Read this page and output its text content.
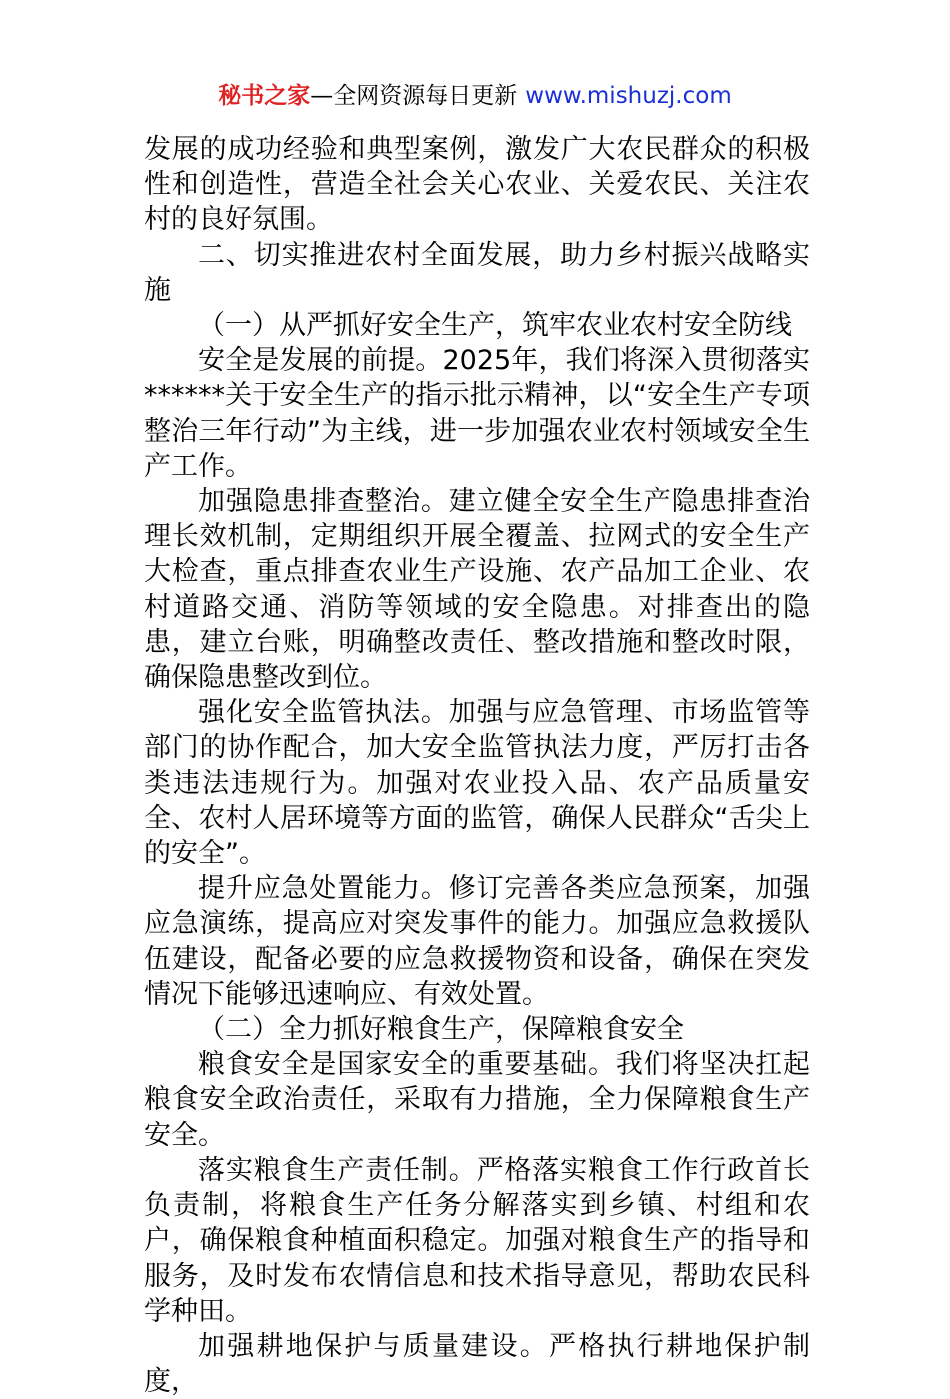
秘书之家—全网资源每日更新 www.mishuzj.com

发展的成功经验和典型案例，激发广大农民群众的积极性和创造性，营造全社会关心农业、关爱农民、关注农村的良好氛围。

二、切实推进农村全面发展，助力乡村振兴战略实施

（一）从严抓好安全生产，筑牢农业农村安全防线

安全是发展的前提。2025年，我们将深入贯彻落实******关于安全生产的指示批示精神，以“安全生产专项整治三年行动”为主线，进一步加强农业农村领域安全生产工作。

加强隐患排查整治。建立健全安全生产隐患排查治理长效机制，定期组织开展全覆盖、拉网式的安全生产大检查，重点排查农业生产设施、农产品加工企业、农村道路交通、消防等领域的安全隐患。对排查出的隐患，建立台账，明确整改责任、整改措施和整改时限，确保隐患整改到位。

强化安全监管执法。加强与应急管理、市场监管等部门的协作配合，加大安全监管执法力度，严厉打击各类违法违规行为。加强对农业投入品、农产品质量安全、农村人居环境等方面的监管，确保人民群众“舌尖上的安全”。

提升应急处置能力。修订完善各类应急预案，加强应急演练，提高应对突发事件的能力。加强应急救援队伍建设，配备必要的应急救援物资和设备，确保在突发情况下能够迅速响应、有效处置。

（二）全力抓好粮食生产，保障粮食安全

粮食安全是国家安全的重要基础。我们将坚决扛起粮食安全政治责任，采取有力措施，全力保障粮食生产安全。

落实粮食生产责任制。严格落实粮食工作行政首长负责制，将粮食生产任务分解落实到乡镇、村组和农户，确保粮食种植面积稳定。加强对粮食生产的指导和服务，及时发布农情信息和技术指导意见，帮助农民科学种田。

加强耕地保护与质量建设。严格执行耕地保护制度，
